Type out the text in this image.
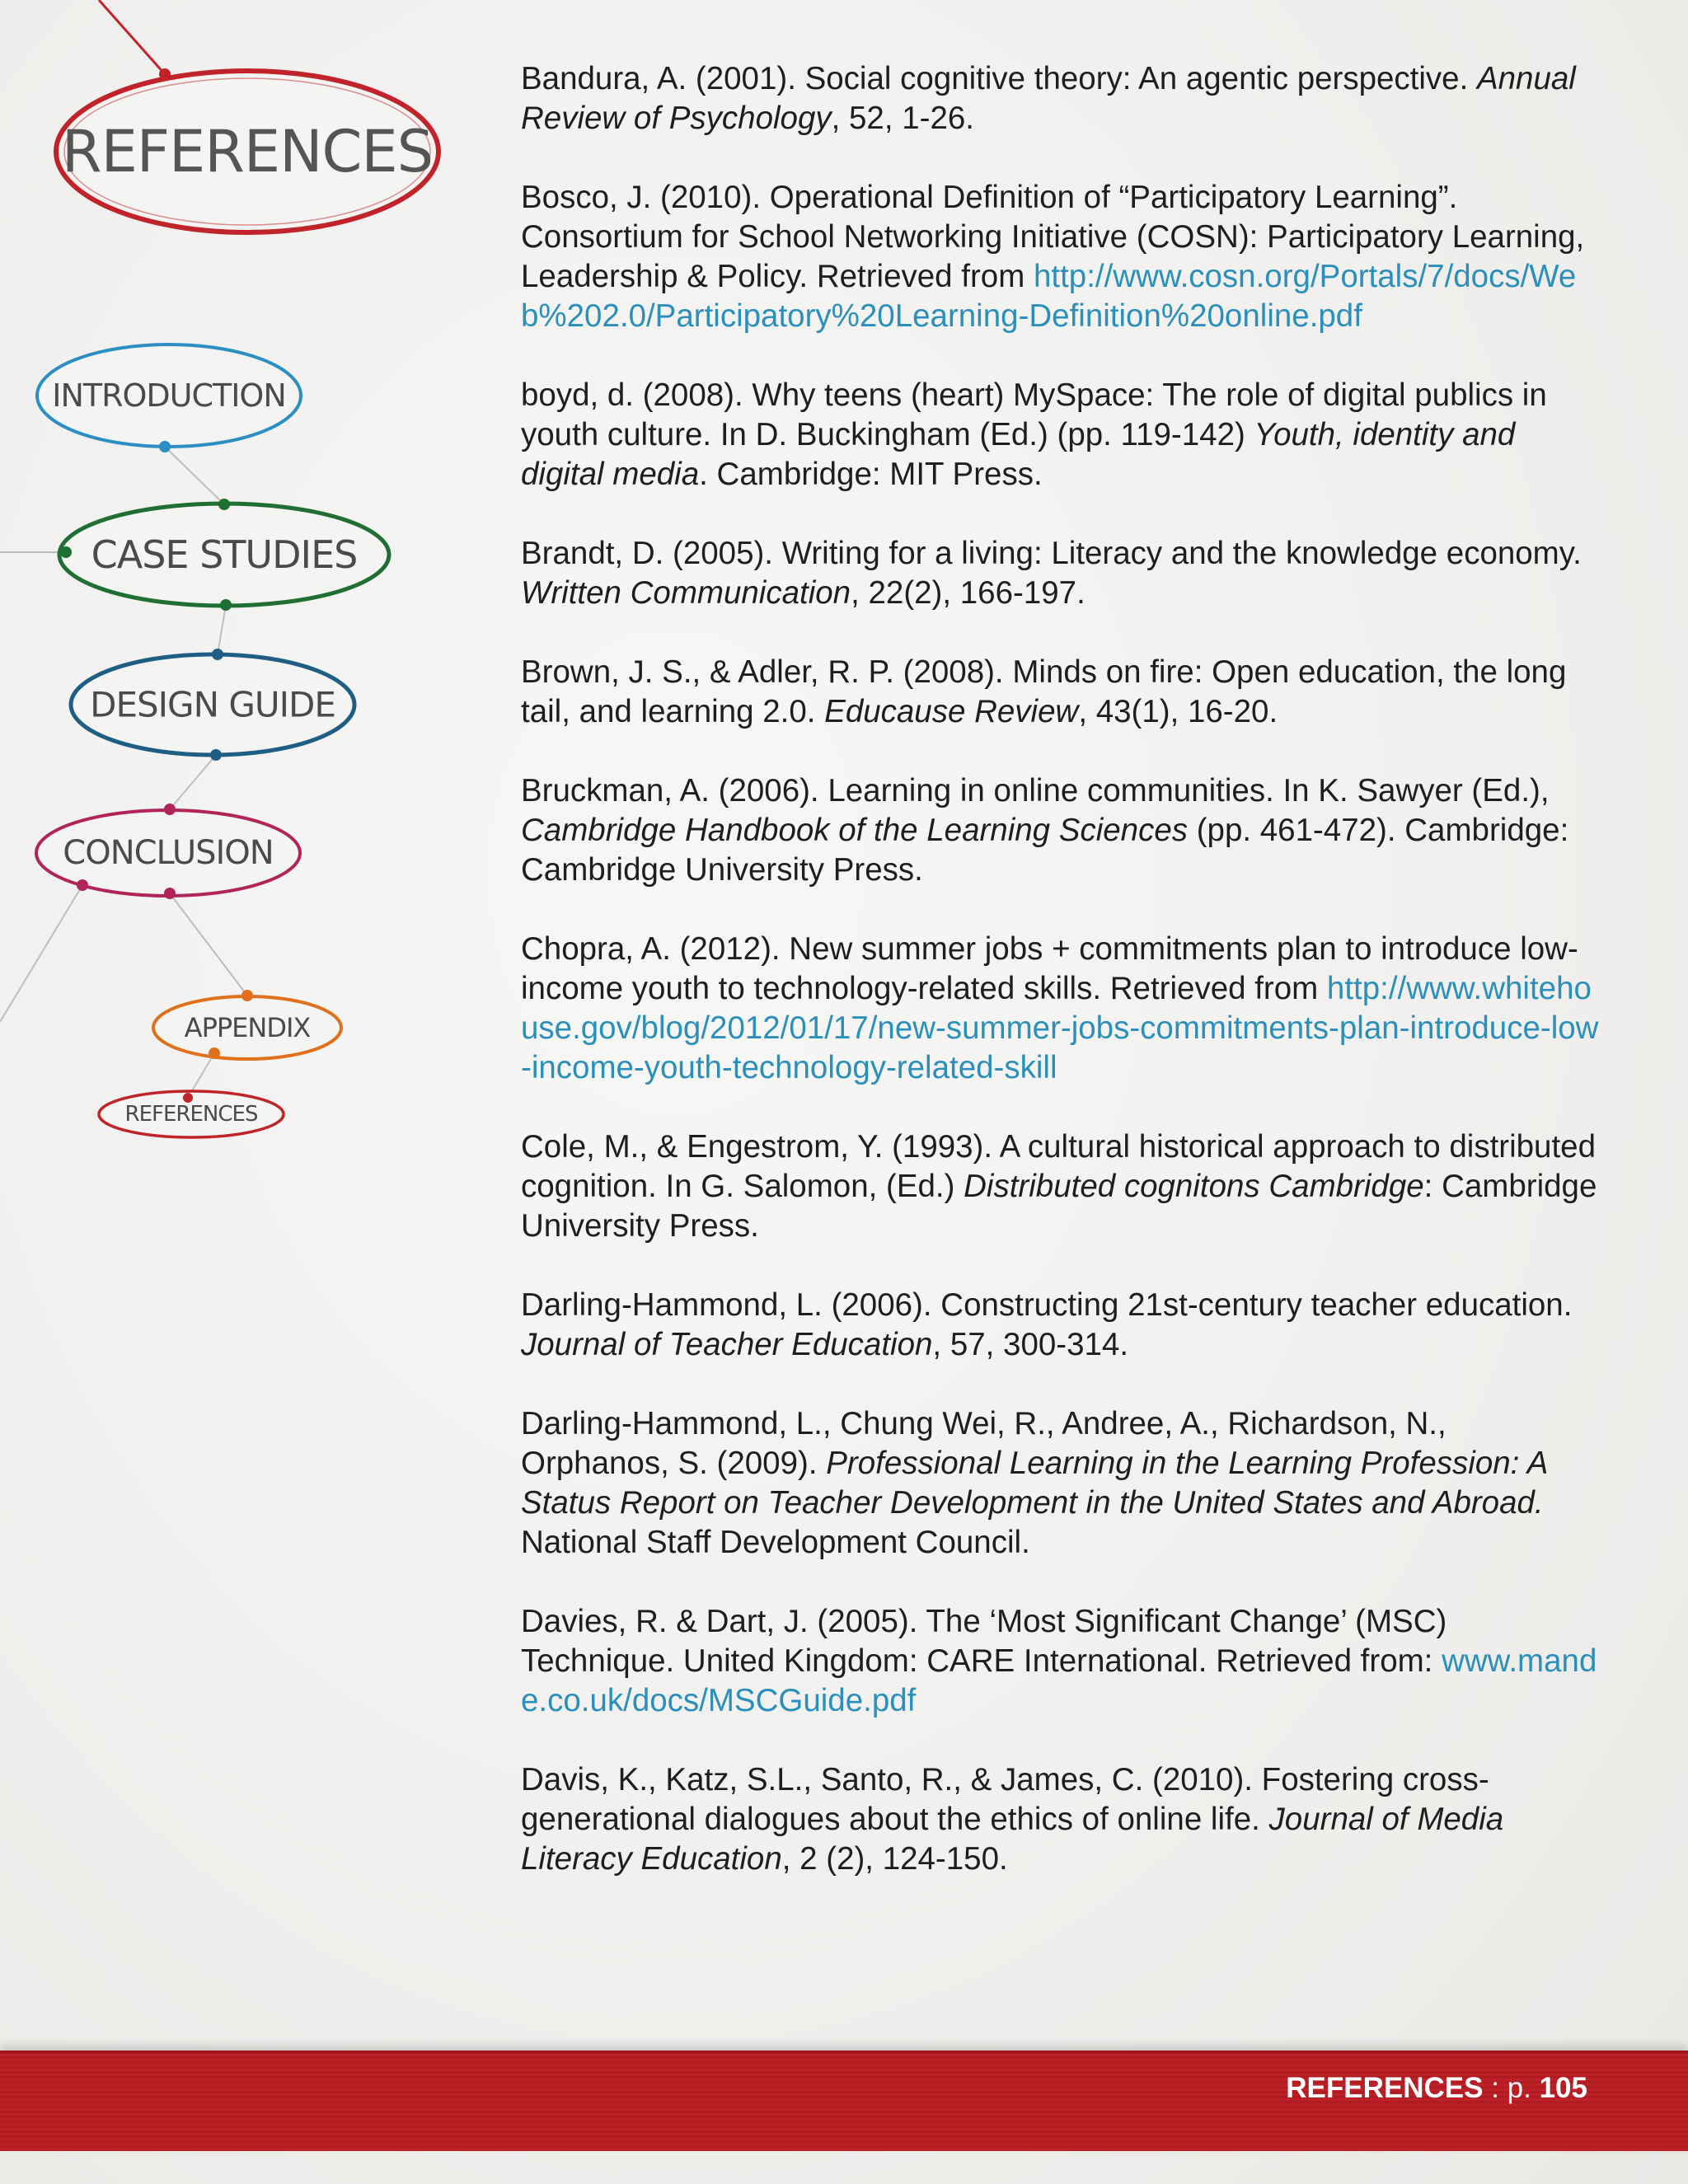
REFERENCES
INTRODUCTION
CASE STUDIES
DESIGN GUIDE
CONCLUSION
APPENDIX
REFERENCES

Bandura, A. (2001). Social cognitive theory: An agentic perspective. Annual Review of Psychology, 52, 1-26.

Bosco, J. (2010). Operational Definition of “Participatory Learning”. Consortium for School Networking Initiative (COSN): Participatory Learning, Leadership & Policy. Retrieved from http://www.cosn.org/Portals/7/docs/Web%202.0/Participatory%20Learning-Definition%20online.pdf

boyd, d. (2008). Why teens (heart) MySpace: The role of digital publics in youth culture. In D. Buckingham (Ed.) (pp. 119-142) Youth, identity and digital media. Cambridge: MIT Press.

Brandt, D. (2005). Writing for a living: Literacy and the knowledge economy. Written Communication, 22(2), 166-197.

Brown, J. S., & Adler, R. P. (2008). Minds on fire: Open education, the long tail, and learning 2.0. Educause Review, 43(1), 16-20.

Bruckman, A. (2006). Learning in online communities. In K. Sawyer (Ed.), Cambridge Handbook of the Learning Sciences (pp. 461-472). Cambridge: Cambridge University Press.

Chopra, A. (2012). New summer jobs + commitments plan to introduce low-income youth to technology-related skills. Retrieved from http://www.whitehouse.gov/blog/2012/01/17/new-summer-jobs-commitments-plan-introduce-low-income-youth-technology-related-skill

Cole, M., & Engestrom, Y. (1993). A cultural historical approach to distributed cognition. In G. Salomon, (Ed.) Distributed cognitons Cambridge: Cambridge University Press.

Darling-Hammond, L. (2006). Constructing 21st-century teacher education. Journal of Teacher Education, 57, 300-314.

Darling-Hammond, L., Chung Wei, R., Andree, A., Richardson, N., Orphanos, S. (2009). Professional Learning in the Learning Profession: A Status Report on Teacher Development in the United States and Abroad. National Staff Development Council.

Davies, R. & Dart, J. (2005). The ‘Most Significant Change’ (MSC) Technique. United Kingdom: CARE International. Retrieved from: www.mande.co.uk/docs/MSCGuide.pdf

Davis, K., Katz, S.L., Santo, R., & James, C. (2010). Fostering cross-generational dialogues about the ethics of online life. Journal of Media Literacy Education, 2 (2), 124-150.

REFERENCES : p. 105
